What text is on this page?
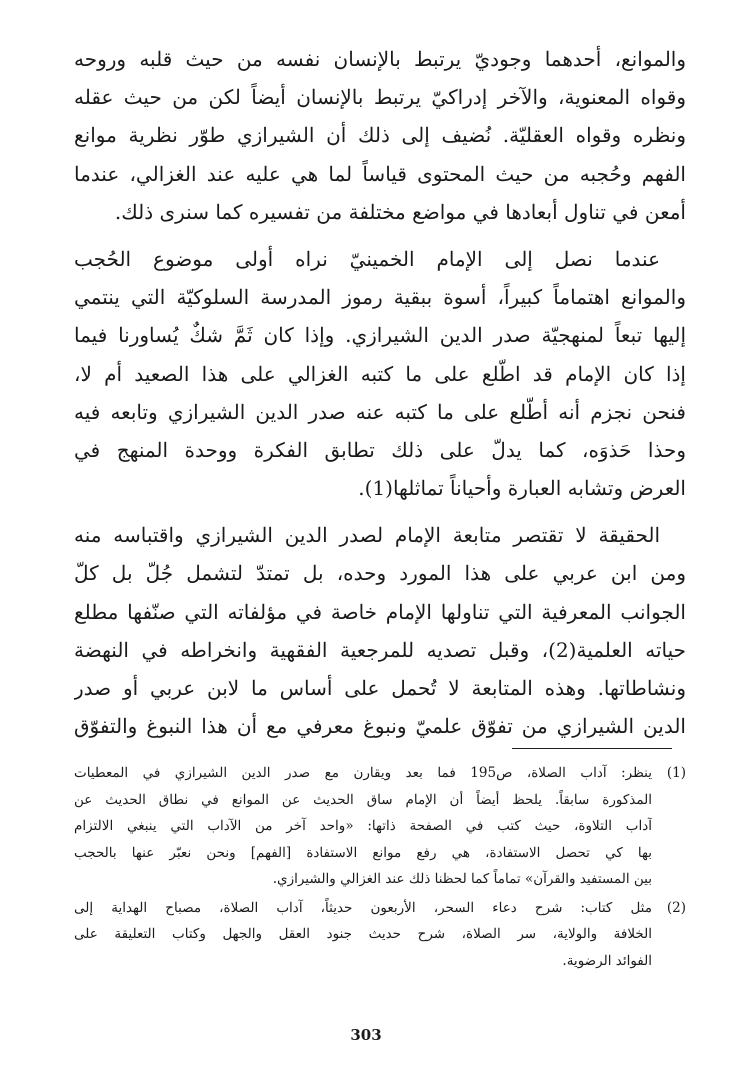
والموانع، أحدهما وجوديّ يرتبط بالإنسان نفسه من حيث قلبه وروحه
وقواه المعنوية، والآخر إدراكيّ يرتبط بالإنسان أيضاً لكن من حيث عقله
ونظره وقواه العقليّة. نُضيف إلى ذلك أن الشيرازي طوّر نظرية موانع
الفهم وحُجبه من حيث المحتوى قياساً لما هي عليه عند الغزالي، عندما
أمعن في تناول أبعادها في مواضع مختلفة من تفسيره كما سنرى ذلك.
عندما نصل إلى الإمام الخمينيّ نراه أولى موضوع الحُجب
والموانع اهتماماً كبيراً، أسوة ببقية رموز المدرسة السلوكيّة التي ينتمي
إليها تبعاً لمنهجيّة صدر الدين الشيرازي. وإذا كان ثَمَّ شكٌ يُساورنا فيما
إذا كان الإمام قد اطّلع على ما كتبه الغزالي على هذا الصعيد أم لا،
فنحن نجزم أنه أطّلع على ما كتبه عنه صدر الدين الشيرازي وتابعه فيه
وحذا حَذوَه، كما يدلّ على ذلك تطابق الفكرة ووحدة المنهج في
العرض وتشابه العبارة وأحياناً تماثلها(1).
الحقيقة لا تقتصر متابعة الإمام لصدر الدين الشيرازي واقتباسه منه
ومن ابن عربي على هذا المورد وحده، بل تمتدّ لتشمل جُلّ بل كلّ
الجوانب المعرفية التي تناولها الإمام خاصة في مؤلفاته التي صنّفها مطلع
حياته العلمية(2)، وقبل تصديه للمرجعية الفقهية وانخراطه في النهضة
ونشاطاتها. وهذه المتابعة لا تُحمل على أساس ما لابن عربي أو صدر
الدين الشيرازي من تفوّق علميّ ونبوغ معرفي مع أن هذا النبوغ والتفوّق
(1)
ينظر: آداب الصلاة، ص195 فما بعد ويقارن مع صدر الدين الشيرازي في المعطيات
المذكورة سابقاً. يلحظ أيضاً أن الإمام ساق الحديث عن الموانع في نطاق الحديث عن
آداب التلاوة، حيث كتب في الصفحة ذاتها: «واحد آخر من الآداب التي ينبغي الالتزام
بها كي تحصل الاستفادة، هي رفع موانع الاستفادة [الفهم] ونحن نعبّر عنها بالحجب
بين المستفيد والقرآن» تماماً كما لحظنا ذلك عند الغزالي والشيرازي.
(2)
مثل كتاب: شرح دعاء السحر، الأربعون حديثاً، آداب الصلاة، مصباح الهداية إلى
الخلافة والولاية، سر الصلاة، شرح حديث جنود العقل والجهل وكتاب التعليقة على
الفوائد الرضوية.
303
